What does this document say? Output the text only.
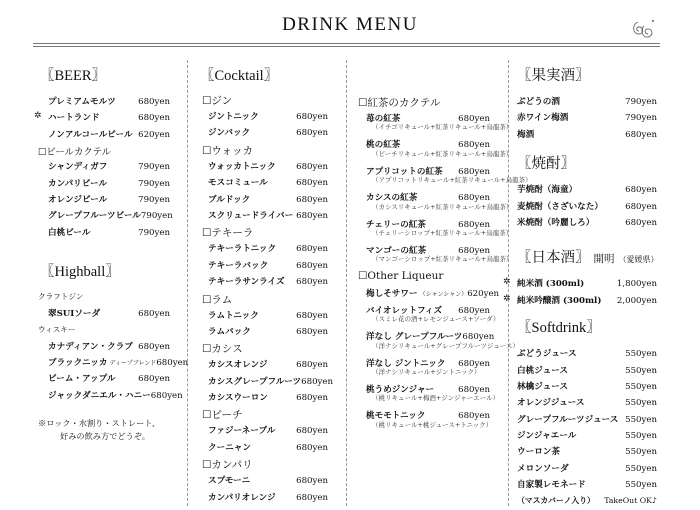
DRINK MENU
〖BEER〗
プレミアムモルツ	680yen
✲ ハートランド	680yen
ノンアルコールビール 620yen
☐ビールカクテル
シャンディガフ	790yen
カンパリビール	790yen
オレンジビール	790yen
グレープフルーツビール 790yen
白桃ビール	790yen
〖Highball〗
クラフトジン
翠SUIソーダ	680yen
ウィスキー
カナディアン・クラブ 680yen
ブラックニッカ ディープブレンド 680yen
ビーム・アップル	680yen
ジャックダニエル・ハニー 680yen
※ロック・水割り・ストレート、
好みの飲み方でどうぞ。
〖Cocktail〗
☐ジン
ジントニック	680yen
ジンバック	680yen
☐ウォッカ
ウォッカトニック 680yen
モスコミュール	680yen
ブルドック	680yen
スクリュードライバー 680yen
☐テキーラ
テキーラトニック 680yen
テキーラバック	680yen
テキーラサンライズ 680yen
☐ラム
ラムトニック	680yen
ラムバック	680yen
☐カシス
カシスオレンジ	680yen
カシスグレープフルーツ 680yen
カシスウーロン	680yen
☐ピーチ
ファジーネーブル 680yen
クーニャン	680yen
☐カンパリ
スプモーニ	680yen
カンパリオレンジ 680yen
☐紅茶のカクテル
苺の紅茶	680yen
（イチゴリキュール+紅茶リキュール+烏龍茶）
桃の紅茶	680yen
（ピーチリキュール+紅茶リキュール+烏龍茶）
アプリコットの紅茶 680yen
（アプリコットリキュール+紅茶リキュール+烏龍茶）
カシスの紅茶	680yen
（カシスリキュール+紅茶リキュール+烏龍茶）
チェリーの紅茶	680yen
（チェリーシロップ+紅茶リキュール+烏龍茶）
マンゴーの紅茶	680yen
（マンゴーシロップ+紅茶リキュール+烏龍茶）
☐Other Liqueur
梅しそサワー （シャンシャン） 620yen
バイオレットフィズ 680yen
（スミレ花の酒+レモンジュース+ソーダ）
洋なし グレープフルーツ 680yen
（洋ナシリキュール+グレープフルーツジュース）
洋なし ジントニック 680yen
（洋ナシリキュール+ジントニック）
桃うめジンジャー	680yen
（桃リキュール+梅酒+ジンジャーエール）
桃モモトニック	680yen
（桃リキュール+桃ジュース+トニック）
〖果実酒〗
ぶどうの酒	790yen
赤ワイン梅酒	790yen
梅酒	680yen
〖焼酎〗
芋焼酎（海童）	680yen
麦焼酎（さざいなた）	680yen
米焼酎（吟麗しろ）	680yen
〖日本酒〗 開明 （愛媛県）
✲ 純米酒 (300ml)	1,800yen
✲ 純米吟醸酒 (300ml) 2,000yen
〖Softdrink〗
ぶどうジュース	550yen
白桃ジュース	550yen
林檎ジュース	550yen
オレンジジュース	550yen
グレープフルーツジュース 550yen
ジンジャエール	550yen
ウーロン茶	550yen
メロンソーダ	550yen
自家製レモネード	550yen
（マスカバーノ入り） TakeOut OK♪
